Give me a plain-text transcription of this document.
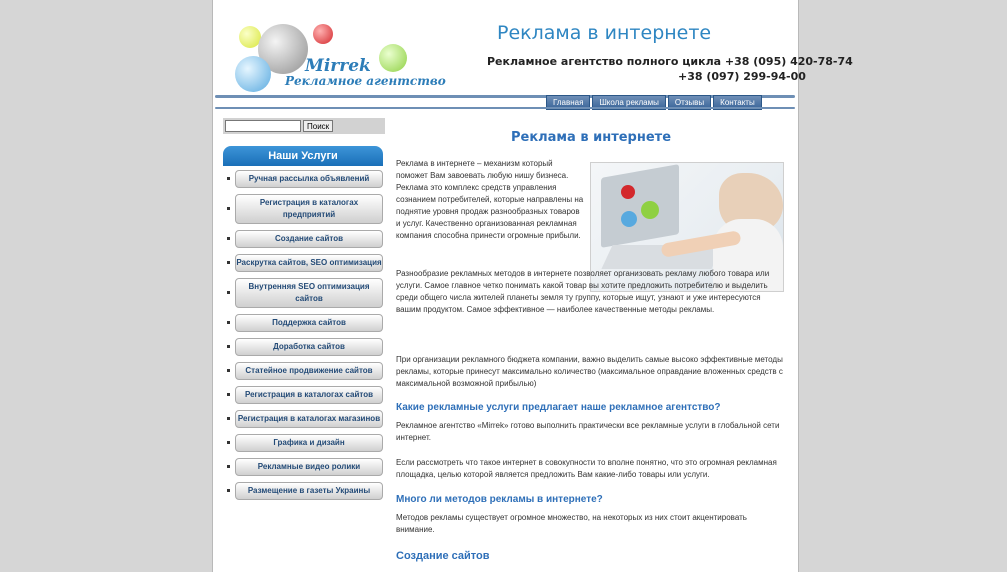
Mirrek
Рекламное агентство
Реклама в интернете
Рекламное агентство полного цикла +38 (095) 420-78-74
+38 (097) 299-94-00
Главная	Школа рекламы	Отзывы	Контакты
Поиск
Наши Услуги
Ручная рассылка объявлений
Регистрация в каталогах предприятий
Создание сайтов
Раскрутка сайтов, SEO оптимизация
Внутренняя SEO оптимизация сайтов
Поддержка сайтов
Доработка сайтов
Статейное продвижение сайтов
Регистрация в каталогах сайтов
Регистрация в каталогах магазинов
Графика и дизайн
Рекламные видео ролики
Размещение в газеты Украины
Реклама в интернете
Реклама в интернете – механизм который поможет Вам завоевать любую нишу бизнеса. Реклама это комплекс средств управления сознанием потребителей, которые направлены на поднятие уровня продаж разнообразных товаров и услуг. Качественно организованная рекламная компания способна принести огромные прибыли.
Разнообразие рекламных методов в интернете позволяет организовать рекламу любого товара или услуги. Самое главное четко понимать какой товар вы хотите предложить потребителю и выделить среди общего числа жителей планеты земля ту группу, которые ищут, узнают и уже интересуются вашим продуктом. Самое эффективное — наиболее качественные методы рекламы.
При организации рекламного бюджета компании, важно выделить самые высоко эффективные методы рекламы, которые принесут максимально количество (максимальное оправдание вложенных средств с максимальной возможной прибылью)
Какие рекламные услуги предлагает наше рекламное агентство?
Рекламное агентство «Mirrek» готово выполнить практически все рекламные услуги в глобальной сети интернет.
Если рассмотреть что такое интернет в совокупности то вполне понятно, что это огромная рекламная площадка, целью которой является предложить Вам какие-либо товары или услуги.
Много ли методов рекламы в интернете?
Методов рекламы существует огромное множество, на некоторых из них стоит акцентировать внимание.
Создание сайтов
